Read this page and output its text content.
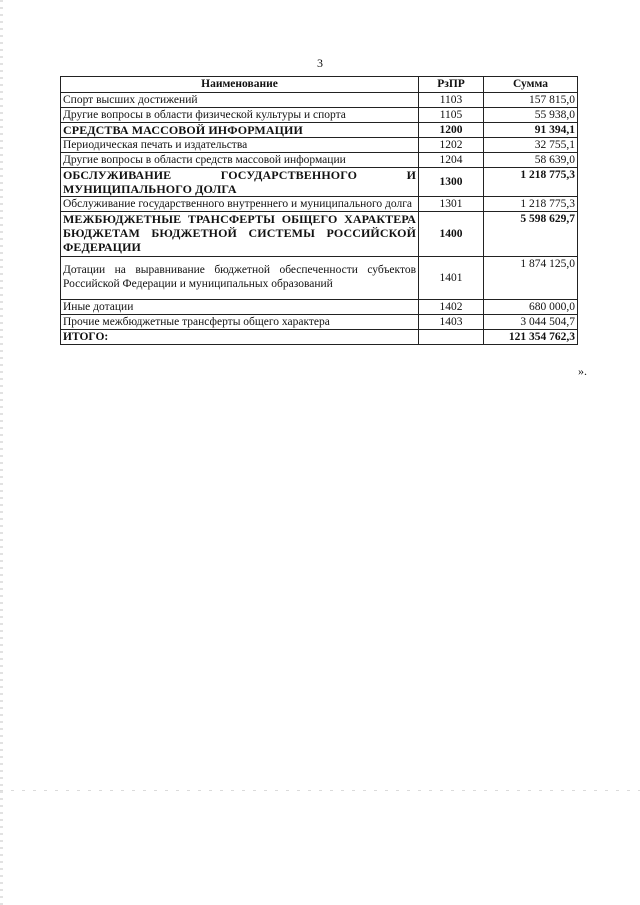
3
Наименование	РзПР	Сумма
Спорт высших достижений	1103	157 815,0
Другие вопросы в области физической культуры и спорта	1105	55 938,0
СРЕДСТВА МАССОВОЙ ИНФОРМАЦИИ	1200	91 394,1
Периодическая печать и издательства	1202	32 755,1
Другие вопросы в области средств массовой информации	1204	58 639,0
ОБСЛУЖИВАНИЕ ГОСУДАРСТВЕННОГО И МУНИЦИПАЛЬНОГО ДОЛГА	1300	1 218 775,3
Обслуживание государственного внутреннего и муниципального долга	1301	1 218 775,3
МЕЖБЮДЖЕТНЫЕ ТРАНСФЕРТЫ ОБЩЕГО ХАРАКТЕРА БЮДЖЕТАМ БЮДЖЕТНОЙ СИСТЕМЫ РОССИЙСКОЙ ФЕДЕРАЦИИ	1400	5 598 629,7
Дотации на выравнивание бюджетной обеспеченности субъектов Российской Федерации и муниципальных образований	1401	1 874 125,0
Иные дотации	1402	680 000,0
Прочие межбюджетные трансферты общего характера	1403	3 044 504,7
ИТОГО:		121 354 762,3
».
